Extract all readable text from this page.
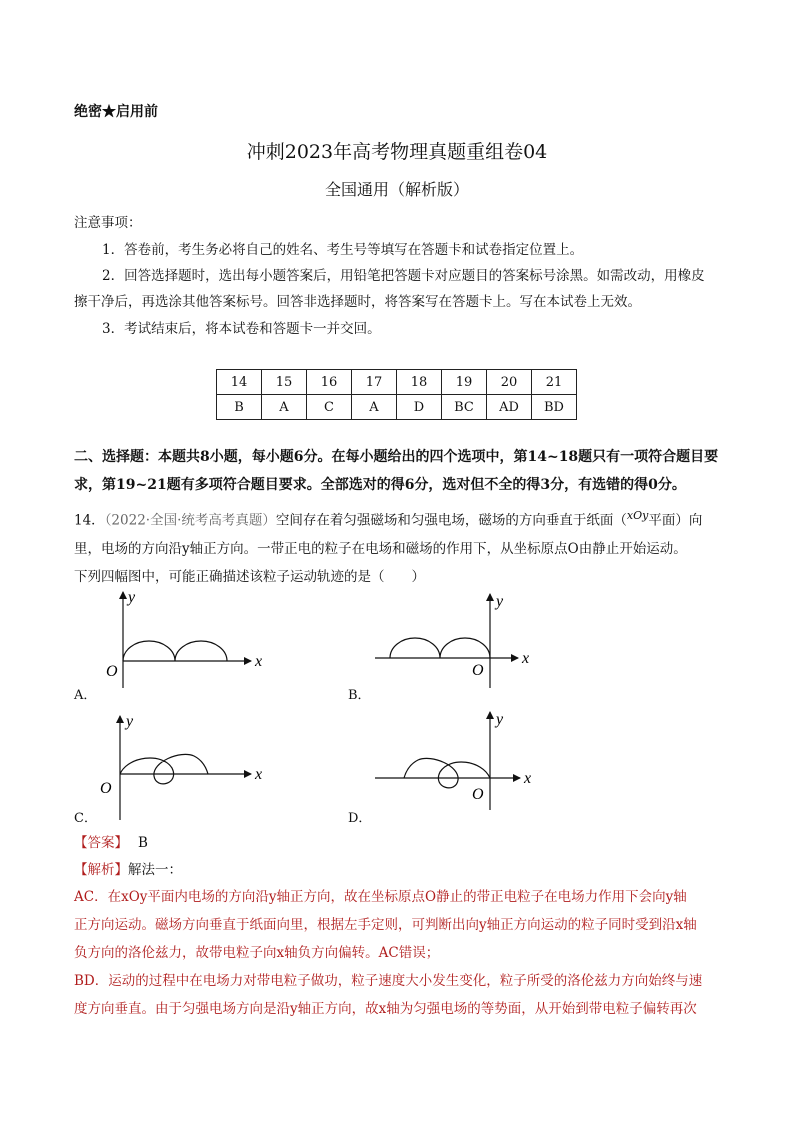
绝密★启用前
冲刺2023年高考物理真题重组卷04
全国通用（解析版）
注意事项：
1．答卷前，考生务必将自己的姓名、考生号等填写在答题卡和试卷指定位置上。
2．回答选择题时，选出每小题答案后，用铅笔把答题卡对应题目的答案标号涂黑。如需改动，用橡皮
擦干净后，再选涂其他答案标号。回答非选择题时，将答案写在答题卡上。写在本试卷上无效。
3．考试结束后，将本试卷和答题卡一并交回。
14	15	16	17	18	19	20	21
B	A	C	A	D	BC	AD	BD
二、选择题：本题共8小题，每小题6分。在每小题给出的四个选项中，第14~18题只有一项符合题目要
求，第19~21题有多项符合题目要求。全部选对的得6分，选对但不全的得3分，有选错的得0分。
14．（2022·全国·统考高考真题）空间存在着匀强磁场和匀强电场，磁场的方向垂直于纸面（$^{xOy}$平面）向
里，电场的方向沿y轴正方向。一带正电的粒子在电场和磁场的作用下，从坐标原点O由静止开始运动。
下列四幅图中，可能正确描述该粒子运动轨迹的是（　　）
y
x
O
y
x
O
y
x
O
y
x
O
A．	B．
C．	D．
【答案】 B
【解析】解法一：
AC．在xOy平面内电场的方向沿y轴正方向，故在坐标原点O静止的带正电粒子在电场力作用下会向y轴
正方向运动。磁场方向垂直于纸面向里，根据左手定则，可判断出向y轴正方向运动的粒子同时受到沿x轴
负方向的洛伦兹力，故带电粒子向x轴负方向偏转。AC错误；
BD．运动的过程中在电场力对带电粒子做功，粒子速度大小发生变化，粒子所受的洛伦兹力方向始终与速
度方向垂直。由于匀强电场方向是沿y轴正方向，故x轴为匀强电场的等势面，从开始到带电粒子偏转再次
